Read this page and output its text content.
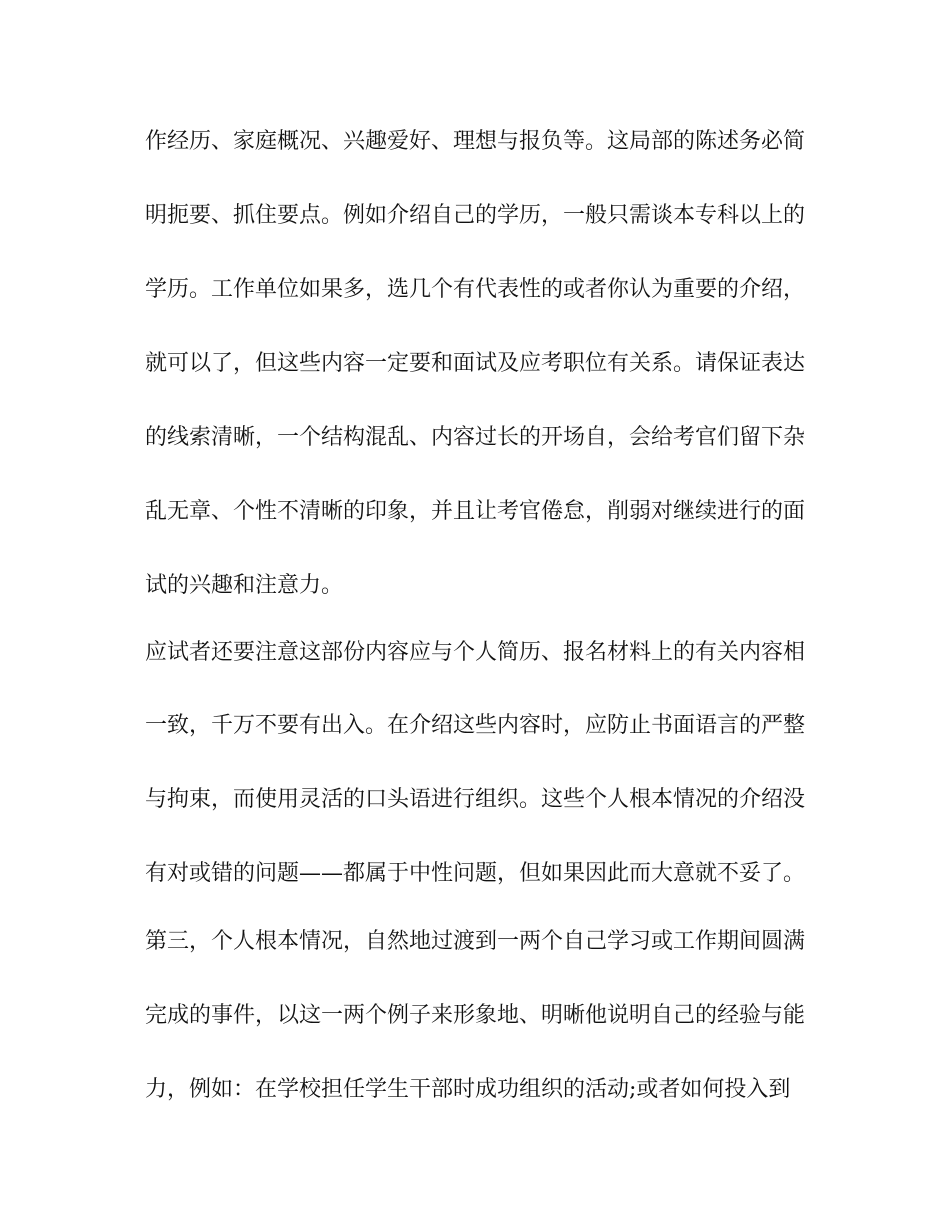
作经历、家庭概况、兴趣爱好、理想与报负等。这局部的陈述务必简
明扼要、抓住要点。例如介绍自己的学历，一般只需谈本专科以上的
学历。工作单位如果多，选几个有代表性的或者你认为重要的介绍，
就可以了，但这些内容一定要和面试及应考职位有关系。请保证表达
的线索清晰，一个结构混乱、内容过长的开场自，会给考官们留下杂
乱无章、个性不清晰的印象，并且让考官倦怠，削弱对继续进行的面
试的兴趣和注意力。
应试者还要注意这部份内容应与个人简历、报名材料上的有关内容相
一致，千万不要有出入。在介绍这些内容时，应防止书面语言的严整
与拘束，而使用灵活的口头语进行组织。这些个人根本情况的介绍没
有对或错的问题——都属于中性问题，但如果因此而大意就不妥了。
第三，个人根本情况，自然地过渡到一两个自己学习或工作期间圆满
完成的事件，以这一两个例子来形象地、明晰他说明自己的经验与能
力，例如：在学校担任学生干部时成功组织的活动;或者如何投入到
